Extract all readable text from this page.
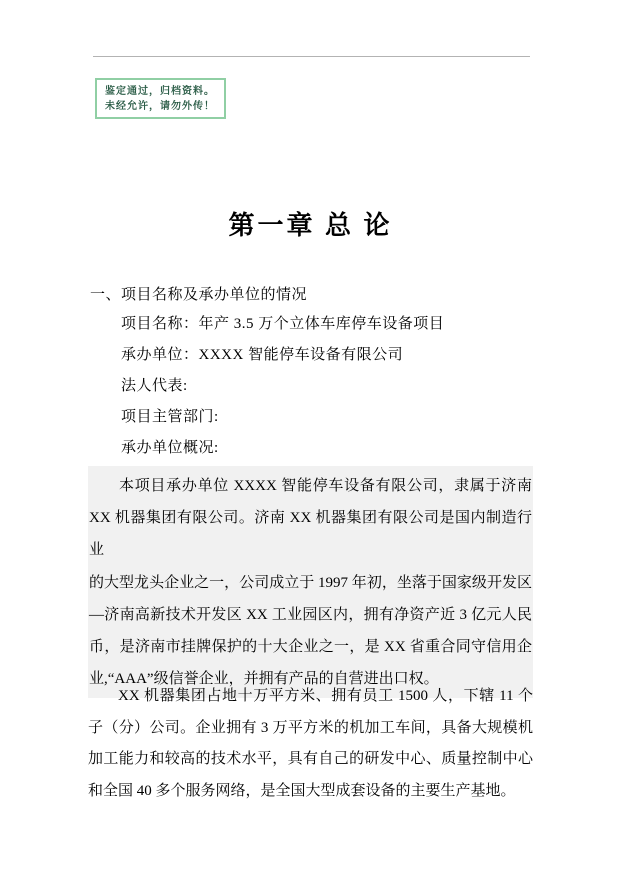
鉴定通过，归档资料。
未经允许，请勿外传！
第一章 总 论
一、项目名称及承办单位的情况
项目名称：年产 3.5 万个立体车库停车设备项目
承办单位：XXXX 智能停车设备有限公司
法人代表:
项目主管部门:
承办单位概况:
本项目承办单位 XXXX 智能停车设备有限公司，隶属于济南
XX 机器集团有限公司。济南 XX 机器集团有限公司是国内制造行业
的大型龙头企业之一，公司成立于 1997 年初，坐落于国家级开发区
—济南高新技术开发区 XX 工业园区内，拥有净资产近 3 亿元人民
币，是济南市挂牌保护的十大企业之一，是 XX 省重合同守信用企
业,“AAA”级信誉企业，并拥有产品的自营进出口权。
XX 机器集团占地十万平方米、拥有员工 1500 人，下辖 11 个
子（分）公司。企业拥有 3 万平方米的机加工车间，具备大规模机
加工能力和较高的技术水平，具有自己的研发中心、质量控制中心
和全国 40 多个服务网络，是全国大型成套设备的主要生产基地。
